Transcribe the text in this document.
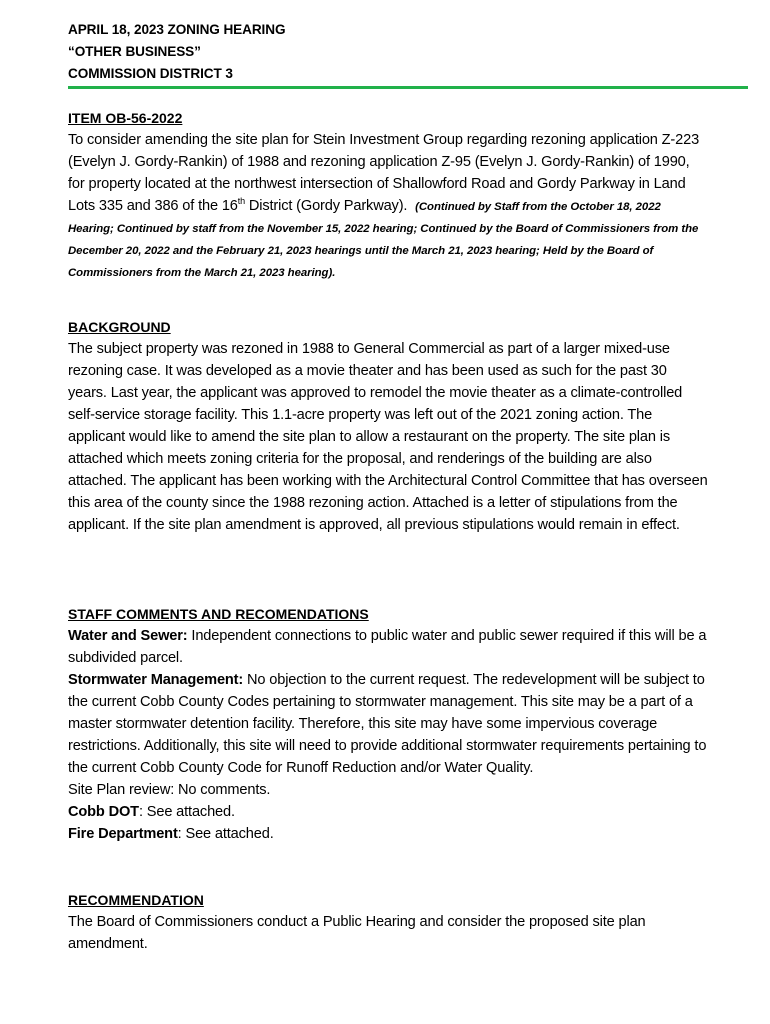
APRIL 18, 2023 ZONING HEARING
“OTHER BUSINESS”
COMMISSION DISTRICT 3
ITEM OB-56-2022

To consider amending the site plan for Stein Investment Group regarding rezoning application Z-223 (Evelyn J. Gordy-Rankin) of 1988 and rezoning application Z-95 (Evelyn J. Gordy-Rankin) of 1990, for property located at the northwest intersection of Shallowford Road and Gordy Parkway in Land Lots 335 and 386 of the 16th District (Gordy Parkway). (Continued by Staff from the October 18, 2022 Hearing; Continued by staff from the November 15, 2022 hearing; Continued by the Board of Commissioners from the December 20, 2022 and the February 21, 2023 hearings until the March 21, 2023 hearing; Held by the Board of Commissioners from the March 21, 2023 hearing).

BACKGROUND

The subject property was rezoned in 1988 to General Commercial as part of a larger mixed-use rezoning case. It was developed as a movie theater and has been used as such for the past 30 years. Last year, the applicant was approved to remodel the movie theater as a climate-controlled self-service storage facility. This 1.1-acre property was left out of the 2021 zoning action. The applicant would like to amend the site plan to allow a restaurant on the property. The site plan is attached which meets zoning criteria for the proposal, and renderings of the building are also attached. The applicant has been working with the Architectural Control Committee that has overseen this area of the county since the 1988 rezoning action. Attached is a letter of stipulations from the applicant. If the site plan amendment is approved, all previous stipulations would remain in effect.

STAFF COMMENTS AND RECOMENDATIONS

Water and Sewer: Independent connections to public water and public sewer required if this will be a subdivided parcel.

Stormwater Management: No objection to the current request. The redevelopment will be subject to the current Cobb County Codes pertaining to stormwater management. This site may be a part of a master stormwater detention facility. Therefore, this site may have some impervious coverage restrictions. Additionally, this site will need to provide additional stormwater requirements pertaining to the current Cobb County Code for Runoff Reduction and/or Water Quality.

Site Plan review: No comments.

Cobb DOT: See attached.

Fire Department: See attached.

RECOMMENDATION

The Board of Commissioners conduct a Public Hearing and consider the proposed site plan amendment.
